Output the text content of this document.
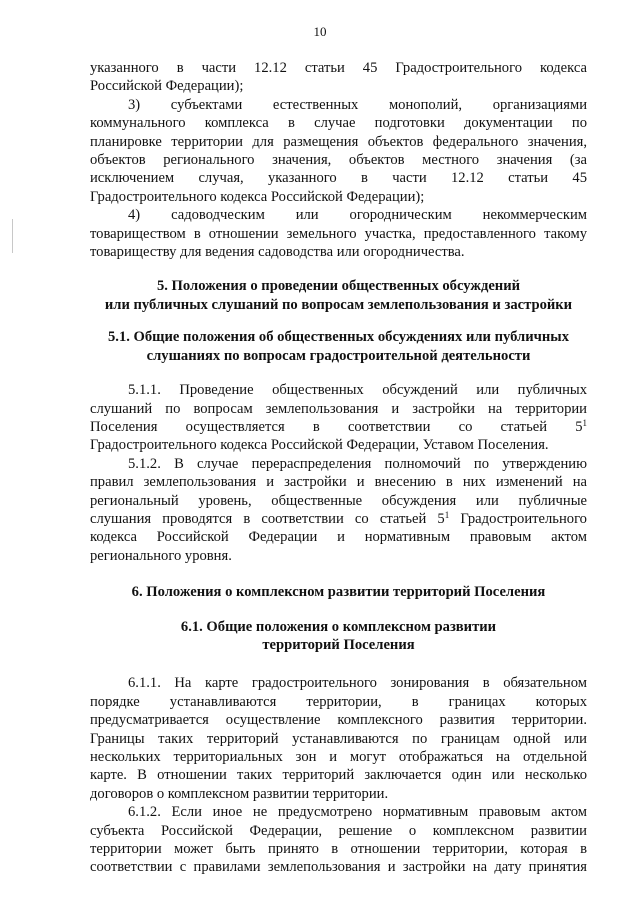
10

указанного в части 12.12 статьи 45 Градостроительного кодекса

Российской Федерации);

3) субъектами естественных монополий, организациями

коммунального комплекса в случае подготовки документации по

планировке территории для размещения объектов федерального значения,

объектов регионального значения, объектов местного значения (за

исключением случая, указанного в части 12.12 статьи 45

Градостроительного кодекса Российской Федерации);

4) садоводческим или огородническим некоммерческим

товариществом в отношении земельного участка, предоставленного такому

товариществу для ведения садоводства или огородничества.

5. Положения о проведении общественных обсуждений
или публичных слушаний по вопросам землепользования и застройки
5.1. Общие положения об общественных обсуждениях или публичных
слушаниях по вопросам градостроительной деятельности

5.1.1. Проведение общественных обсуждений или публичных

слушаний по вопросам землепользования и застройки на территории

Поселения осуществляется в соответствии со статьей $5^1$

Градостроительного кодекса Российской Федерации, Уставом Поселения.

5.1.2. В случае перераспределения полномочий по утверждению

правил землепользования и застройки и внесению в них изменений на

региональный уровень, общественные обсуждения или публичные

слушания проводятся в соответствии со статьей $5^1$ Градостроительного

кодекса Российской Федерации и нормативным правовым актом

регионального уровня.

6. Положения о комплексном развитии территорий Поселения
6.1. Общие положения о комплексном развитии
территорий Поселения

6.1.1. На карте градостроительного зонирования в обязательном

порядке устанавливаются территории, в границах которых

предусматривается осуществление комплексного развития территории.

Границы таких территорий устанавливаются по границам одной или

нескольких территориальных зон и могут отображаться на отдельной

карте. В отношении таких территорий заключается один или несколько

договоров о комплексном развитии территории.

6.1.2. Если иное не предусмотрено нормативным правовым актом

субъекта Российской Федерации, решение о комплексном развитии

территории может быть принято в отношении территории, которая в

соответствии с правилами землепользования и застройки на дату принятия
